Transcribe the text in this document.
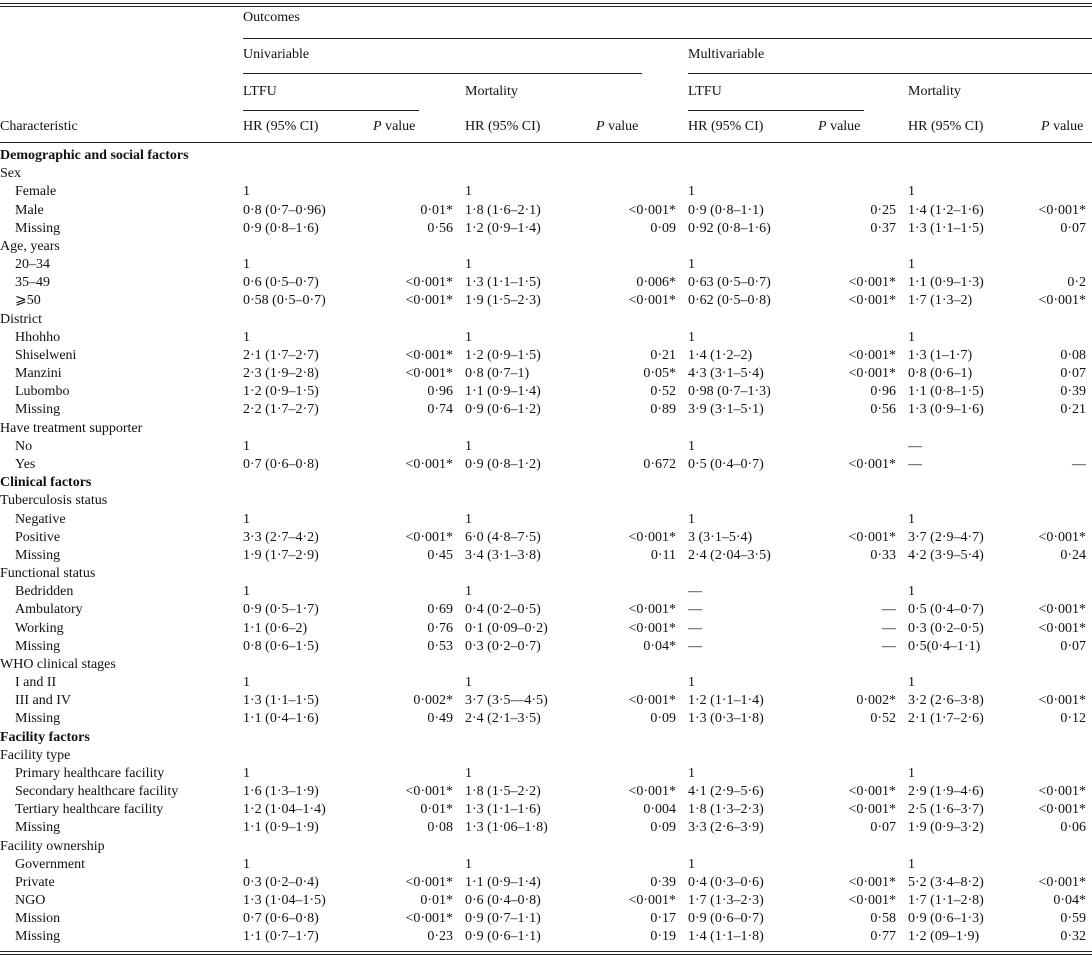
Outcomes
Univariable	Multivariable
LTFU	Mortality	LTFU	Mortality
Characteristic	HR (95% CI)	P value	HR (95% CI)	P value	HR (95% CI)	P value	HR (95% CI)	P value
Demographic and social factors								
Sex								
Female	1		1		1		1	
Male	0·8 (0·7–0·96)	0·01*	1·8 (1·6–2·1)	<0·001*	0·9 (0·8–1·1)	0·25	1·4 (1·2–1·6)	<0·001*
Missing	0·9 (0·8–1·6)	0·56	1·2 (0·9–1·4)	0·09	0·92 (0·8–1·6)	0·37	1·3 (1·1–1·5)	0·07
Age, years								
20–34	1		1		1		1	
35–49	0·6 (0·5–0·7)	<0·001*	1·3 (1·1–1·5)	0·006*	0·63 (0·5–0·7)	<0·001*	1·1 (0·9–1·3)	0·2
⩾50	0·58 (0·5–0·7)	<0·001*	1·9 (1·5–2·3)	<0·001*	0·62 (0·5–0·8)	<0·001*	1·7 (1·3–2)	<0·001*
District								
Hhohho	1		1		1		1	
Shiselweni	2·1 (1·7–2·7)	<0·001*	1·2 (0·9–1·5)	0·21	1·4 (1·2–2)	<0·001*	1·3 (1–1·7)	0·08
Manzini	2·3 (1·9–2·8)	<0·001*	0·8 (0·7–1)	0·05*	4·3 (3·1–5·4)	<0·001*	0·8 (0·6–1)	0·07
Lubombo	1·2 (0·9–1·5)	0·96	1·1 (0·9–1·4)	0·52	0·98 (0·7–1·3)	0·96	1·1 (0·8–1·5)	0·39
Missing	2·2 (1·7–2·7)	0·74	0·9 (0·6–1·2)	0·89	3·9 (3·1–5·1)	0·56	1·3 (0·9–1·6)	0·21
Have treatment supporter								
No	1		1		1		—	
Yes	0·7 (0·6–0·8)	<0·001*	0·9 (0·8–1·2)	0·672	0·5 (0·4–0·7)	<0·001*	—	—
Clinical factors								
Tuberculosis status								
Negative	1		1		1		1	
Positive	3·3 (2·7–4·2)	<0·001*	6·0 (4·8–7·5)	<0·001*	3 (3·1–5·4)	<0·001*	3·7 (2·9–4·7)	<0·001*
Missing	1·9 (1·7–2·9)	0·45	3·4 (3·1–3·8)	0·11	2·4 (2·04–3·5)	0·33	4·2 (3·9–5·4)	0·24
Functional status								
Bedridden	1		1		—		1	
Ambulatory	0·9 (0·5–1·7)	0·69	0·4 (0·2–0·5)	<0·001*	—	—	0·5 (0·4–0·7)	<0·001*
Working	1·1 (0·6–2)	0·76	0·1 (0·09–0·2)	<0·001*	—	—	0·3 (0·2–0·5)	<0·001*
Missing	0·8 (0·6–1·5)	0·53	0·3 (0·2–0·7)	0·04*	—	—	0·5(0·4–1·1)	0·07
WHO clinical stages								
I and II	1		1		1		1	
III and IV	1·3 (1·1–1·5)	0·002*	3·7 (3·5—4·5)	<0·001*	1·2 (1·1–1·4)	0·002*	3·2 (2·6–3·8)	<0·001*
Missing	1·1 (0·4–1·6)	0·49	2·4 (2·1–3·5)	0·09	1·3 (0·3–1·8)	0·52	2·1 (1·7–2·6)	0·12
Facility factors								
Facility type								
Primary healthcare facility	1		1		1		1	
Secondary healthcare facility	1·6 (1·3–1·9)	<0·001*	1·8 (1·5–2·2)	<0·001*	4·1 (2·9–5·6)	<0·001*	2·9 (1·9–4·6)	<0·001*
Tertiary healthcare facility	1·2 (1·04–1·4)	0·01*	1·3 (1·1–1·6)	0·004	1·8 (1·3–2·3)	<0·001*	2·5 (1·6–3·7)	<0·001*
Missing	1·1 (0·9–1·9)	0·08	1·3 (1·06–1·8)	0·09	3·3 (2·6–3·9)	0·07	1·9 (0·9–3·2)	0·06
Facility ownership								
Government	1		1		1		1	
Private	0·3 (0·2–0·4)	<0·001*	1·1 (0·9–1·4)	0·39	0·4 (0·3–0·6)	<0·001*	5·2 (3·4–8·2)	<0·001*
NGO	1·3 (1·04–1·5)	0·01*	0·6 (0·4–0·8)	<0·001*	1·7 (1·3–2·3)	<0·001*	1·7 (1·1–2·8)	0·04*
Mission	0·7 (0·6–0·8)	<0·001*	0·9 (0·7–1·1)	0·17	0·9 (0·6–0·7)	0·58	0·9 (0·6–1·3)	0·59
Missing	1·1 (0·7–1·7)	0·23	0·9 (0·6–1·1)	0·19	1·4 (1·1–1·8)	0·77	1·2 (09–1·9)	0·32
